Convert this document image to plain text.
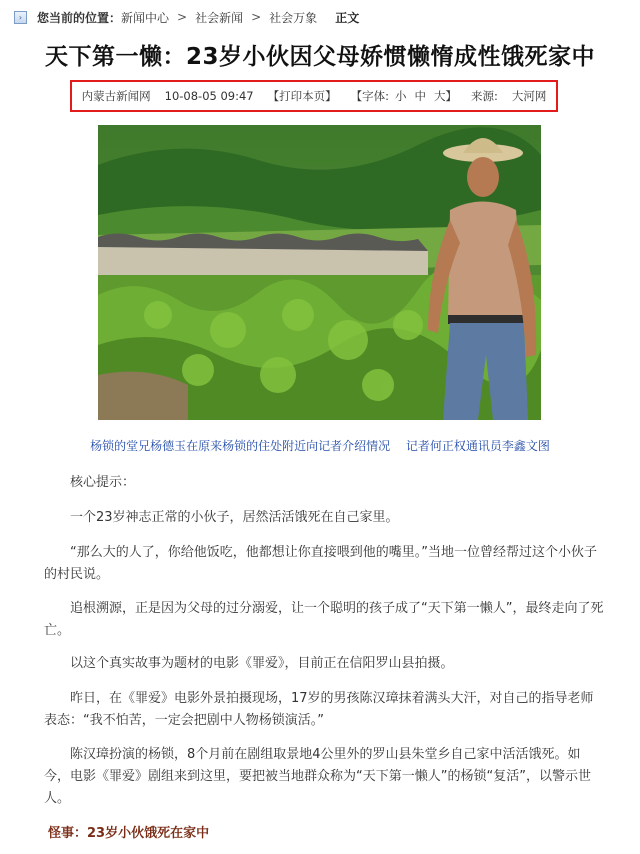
›	您当前的位置： 新闻中心 > 社会新闻 > 社会万象 正文
天下第一懒：23岁小伙因父母娇惯懒惰成性饿死家中
内蒙古新闻网 10-08-05 09:47 【打印本页】 【字体: 小 中 大】 来源: 大河网
杨锁的堂兄杨德玉在原来杨锁的住处附近向记者介绍情况 记者何正权通讯员李鑫文图
核心提示：
一个23岁神志正常的小伙子，居然活活饿死在自己家里。
“那么大的人了，你给他饭吃，他都想让你直接喂到他的嘴里。”当地一位曾经帮过这个小伙子的村民说。
追根溯源，正是因为父母的过分溺爱，让一个聪明的孩子成了“天下第一懒人”，最终走向了死亡。
以这个真实故事为题材的电影《罪爱》，目前正在信阳罗山县拍摄。
昨日，在《罪爱》电影外景拍摄现场，17岁的男孩陈汉璋抹着满头大汗，对自己的指导老师表态：“我不怕苦，一定会把剧中人物杨锁演活。”
陈汉璋扮演的杨锁，8个月前在剧组取景地4公里外的罗山县朱堂乡自己家中活活饿死。如今，电影《罪爱》剧组来到这里，要把被当地群众称为“天下第一懒人”的杨锁“复活”，以警示世人。
怪事：23岁小伙饿死在家中
